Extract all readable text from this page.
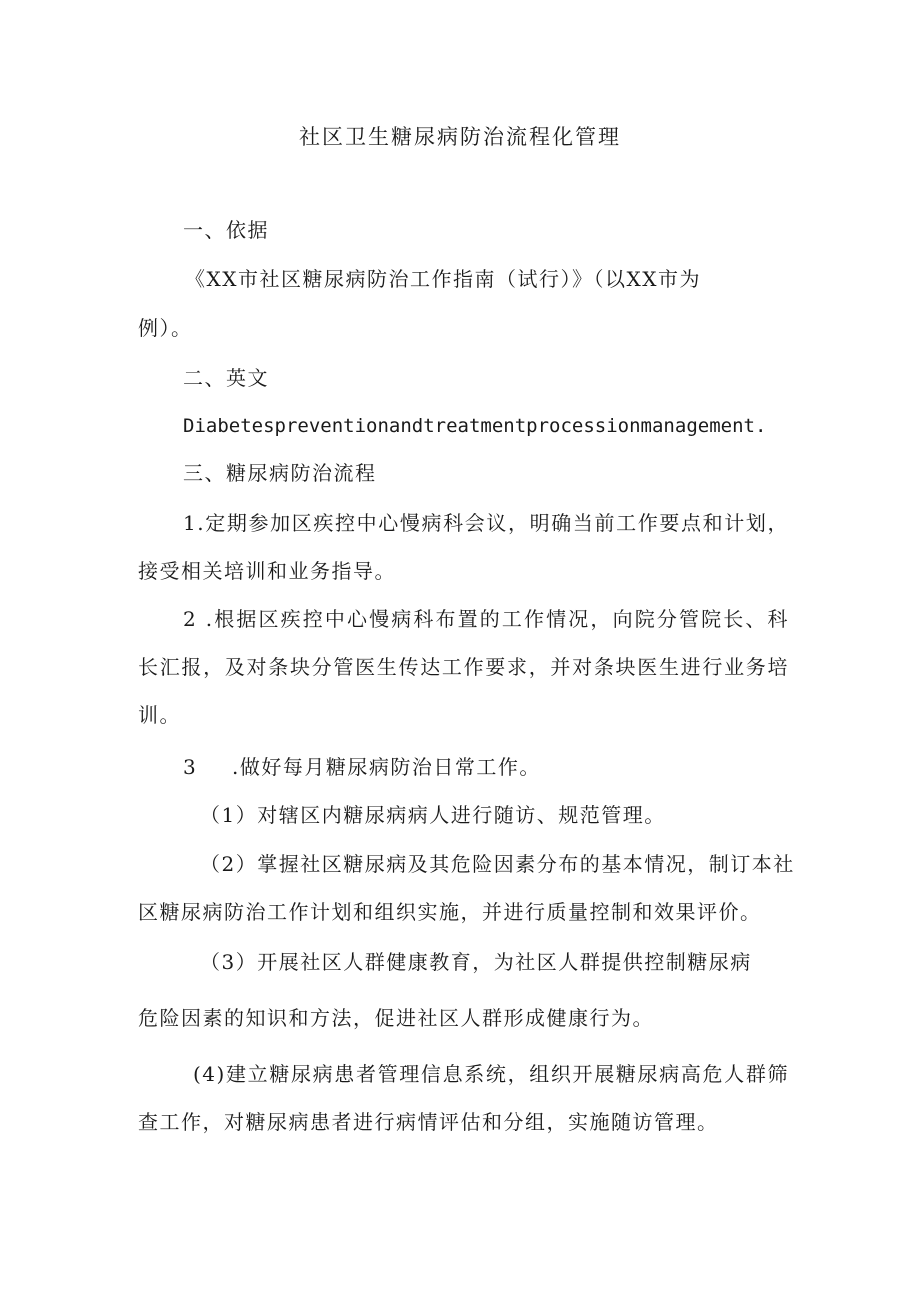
社区卫生糖尿病防治流程化管理
一、依据
《XX市社区糖尿病防治工作指南（试行）》（以XX市为
例）。
二、英文
Diabetespreventionandtreatmentprocessionmanagement.
三、糖尿病防治流程
1.定期参加区疾控中心慢病科会议，明确当前工作要点和计划，
接受相关培训和业务指导。
2 .根据区疾控中心慢病科布置的工作情况，向院分管院长、科
长汇报，及对条块分管医生传达工作要求，并对条块医生进行业务培
训。
3 .做好每月糖尿病防治日常工作。
（1）对辖区内糖尿病病人进行随访、规范管理。
（2）掌握社区糖尿病及其危险因素分布的基本情况，制订本社
区糖尿病防治工作计划和组织实施，并进行质量控制和效果评价。
（3）开展社区人群健康教育，为社区人群提供控制糖尿病
危险因素的知识和方法，促进社区人群形成健康行为。
(4)建立糖尿病患者管理信息系统，组织开展糖尿病高危人群筛
查工作，对糖尿病患者进行病情评估和分组，实施随访管理。
